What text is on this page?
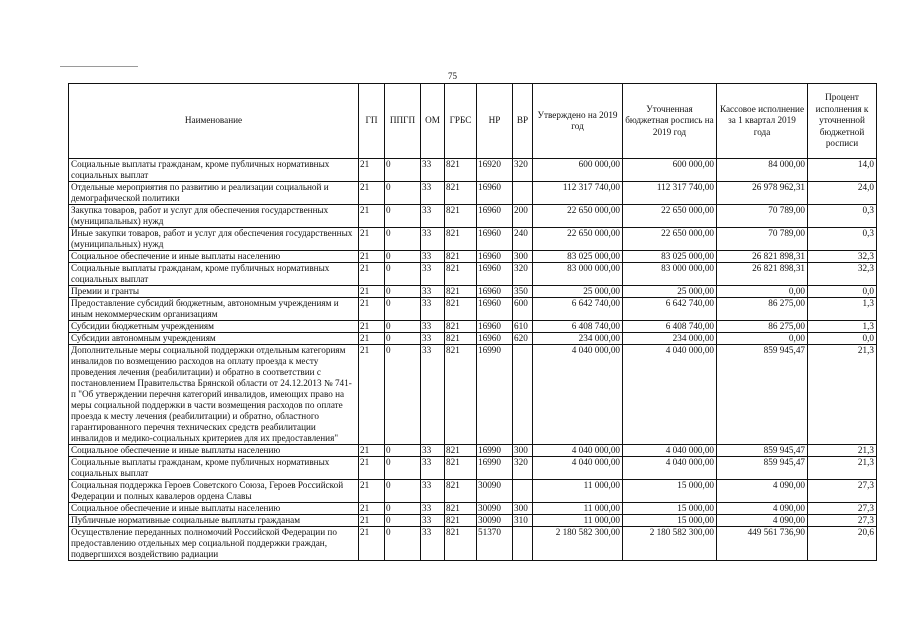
75
Наименование	ГП	ППГП	ОМ	ГРБС	НР	ВР	Утверждено на 2019 год	Уточненная бюджетная роспись на 2019 год	Кассовое исполнение за 1 квартал 2019 года	Процент исполнения к уточненной бюджетной росписи
Социальные выплаты гражданам, кроме публичных нормативных социальных выплат	21	0	33	821	16920	320	600 000,00	600 000,00	84 000,00	14,0
Отдельные мероприятия по развитию и реализации социальной и демографической политики	21	0	33	821	16960		112 317 740,00	112 317 740,00	26 978 962,31	24,0
Закупка товаров, работ и услуг для обеспечения государственных (муниципальных) нужд	21	0	33	821	16960	200	22 650 000,00	22 650 000,00	70 789,00	0,3
Иные закупки товаров, работ и услуг для обеспечения государственных (муниципальных) нужд	21	0	33	821	16960	240	22 650 000,00	22 650 000,00	70 789,00	0,3
Социальное обеспечение и иные выплаты населению	21	0	33	821	16960	300	83 025 000,00	83 025 000,00	26 821 898,31	32,3
Социальные выплаты гражданам, кроме публичных нормативных социальных выплат	21	0	33	821	16960	320	83 000 000,00	83 000 000,00	26 821 898,31	32,3
Премии и гранты	21	0	33	821	16960	350	25 000,00	25 000,00	0,00	0,0
Предоставление субсидий бюджетным, автономным учреждениям и иным некоммерческим организациям	21	0	33	821	16960	600	6 642 740,00	6 642 740,00	86 275,00	1,3
Субсидии бюджетным учреждениям	21	0	33	821	16960	610	6 408 740,00	6 408 740,00	86 275,00	1,3
Субсидии автономным учреждениям	21	0	33	821	16960	620	234 000,00	234 000,00	0,00	0,0
Дополнительные меры социальной поддержки отдельным категориям инвалидов по возмещению расходов на оплату проезда к месту проведения лечения (реабилитации) и обратно в соответствии с постановлением Правительства Брянской области от 24.12.2013 № 741-п "Об утверждении перечня категорий инвалидов, имеющих право на меры социальной поддержки в части возмещения расходов по оплате проезда к месту лечения (реабилитации) и обратно, областного гарантированного перечня технических средств реабилитации инвалидов и медико-социальных критериев для их предоставления"	21	0	33	821	16990		4 040 000,00	4 040 000,00	859 945,47	21,3
Социальное обеспечение и иные выплаты населению	21	0	33	821	16990	300	4 040 000,00	4 040 000,00	859 945,47	21,3
Социальные выплаты гражданам, кроме публичных нормативных социальных выплат	21	0	33	821	16990	320	4 040 000,00	4 040 000,00	859 945,47	21,3
Социальная поддержка Героев Советского Союза, Героев Российской Федерации и полных кавалеров ордена Славы	21	0	33	821	30090		11 000,00	15 000,00	4 090,00	27,3
Социальное обеспечение и иные выплаты населению	21	0	33	821	30090	300	11 000,00	15 000,00	4 090,00	27,3
Публичные нормативные социальные выплаты гражданам	21	0	33	821	30090	310	11 000,00	15 000,00	4 090,00	27,3
Осуществление переданных полномочий Российской Федерации по предоставлению отдельных мер социальной поддержки граждан, подвергшихся воздействию радиации	21	0	33	821	51370		2 180 582 300,00	2 180 582 300,00	449 561 736,90	20,6
